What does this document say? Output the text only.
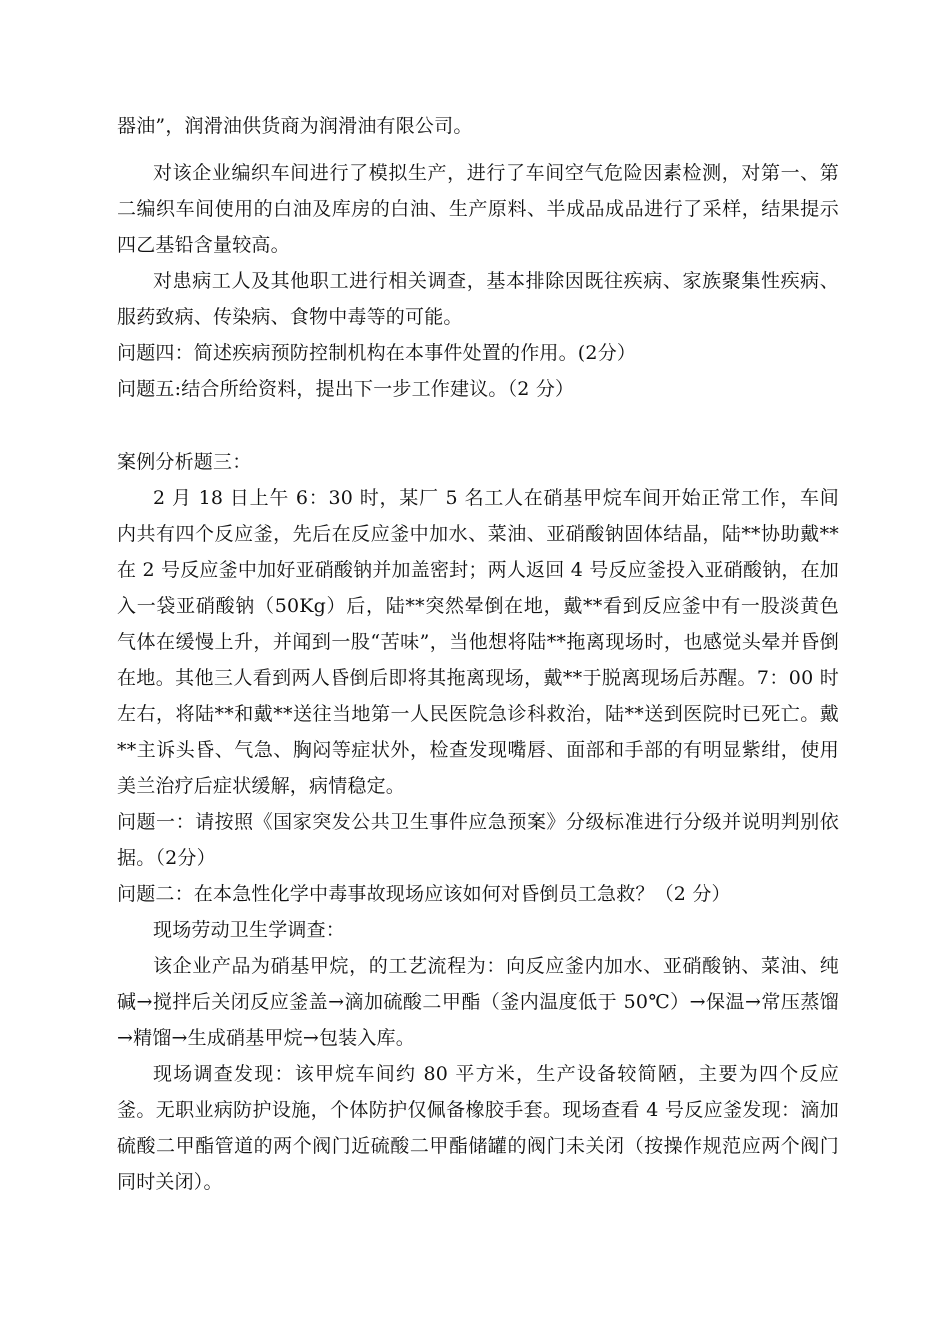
器油”，润滑油供货商为润滑油有限公司。

对该企业编织车间进行了模拟生产，进行了车间空气危险因素检测，对第一、第二编织车间使用的白油及库房的白油、生产原料、半成品成品进行了采样，结果提示四乙基铅含量较高。

对患病工人及其他职工进行相关调查，基本排除因既往疾病、家族聚集性疾病、服药致病、传染病、食物中毒等的可能。

问题四：简述疾病预防控制机构在本事件处置的作用。(2分）

问题五:结合所给资料，提出下一步工作建议。（2 分）

案例分析题三：

2 月 18 日上午 6：30 时，某厂 5 名工人在硝基甲烷车间开始正常工作，车间内共有四个反应釜，先后在反应釜中加水、菜油、亚硝酸钠固体结晶，陆**协助戴**在 2 号反应釜中加好亚硝酸钠并加盖密封；两人返回 4 号反应釜投入亚硝酸钠，在加入一袋亚硝酸钠（50Kg）后，陆**突然晕倒在地，戴**看到反应釜中有一股淡黄色气体在缓慢上升，并闻到一股“苦味”，当他想将陆**拖离现场时，也感觉头晕并昏倒在地。其他三人看到两人昏倒后即将其拖离现场，戴**于脱离现场后苏醒。7：00 时左右，将陆**和戴**送往当地第一人民医院急诊科救治，陆**送到医院时已死亡。戴**主诉头昏、气急、胸闷等症状外，检查发现嘴唇、面部和手部的有明显紫绀，使用美兰治疗后症状缓解，病情稳定。

问题一：请按照《国家突发公共卫生事件应急预案》分级标准进行分级并说明判别依据。（2分）

问题二：在本急性化学中毒事故现场应该如何对昏倒员工急救？（2 分）

现场劳动卫生学调查：

该企业产品为硝基甲烷，的工艺流程为：向反应釜内加水、亚硝酸钠、菜油、纯碱→搅拌后关闭反应釜盖→滴加硫酸二甲酯（釜内温度低于 50℃）→保温→常压蒸馏→精馏→生成硝基甲烷→包装入库。

现场调查发现：该甲烷车间约 80 平方米，生产设备较简陋，主要为四个反应釜。无职业病防护设施，个体防护仅佩备橡胶手套。现场查看 4 号反应釜发现：滴加硫酸二甲酯管道的两个阀门近硫酸二甲酯储罐的阀门未关闭（按操作规范应两个阀门同时关闭）。
